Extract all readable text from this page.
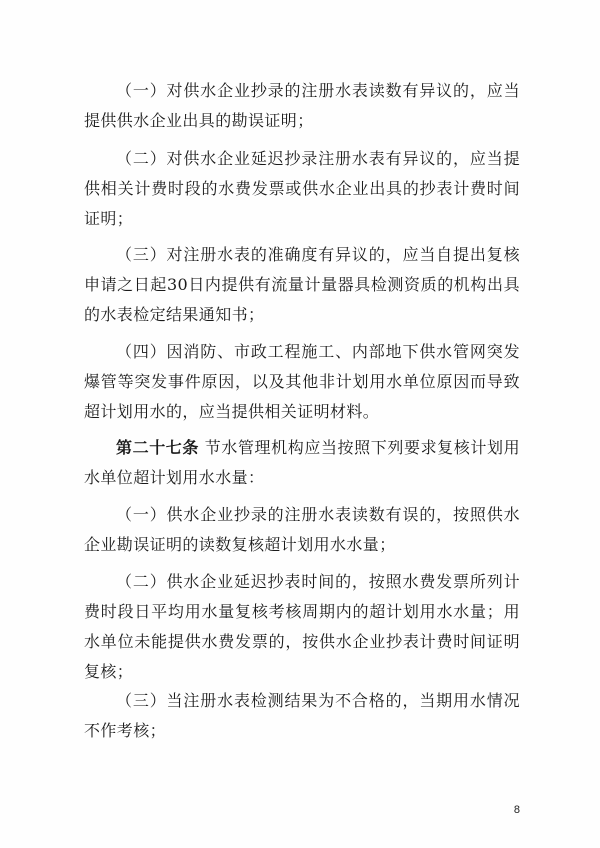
（一）对供水企业抄录的注册水表读数有异议的，应当提供供水企业出具的勘误证明；

（二）对供水企业延迟抄录注册水表有异议的，应当提供相关计费时段的水费发票或供水企业出具的抄表计费时间证明；

（三）对注册水表的准确度有异议的，应当自提出复核申请之日起30日内提供有流量计量器具检测资质的机构出具的水表检定结果通知书；

（四）因消防、市政工程施工、内部地下供水管网突发爆管等突发事件原因，以及其他非计划用水单位原因而导致超计划用水的，应当提供相关证明材料。

第二十七条 节水管理机构应当按照下列要求复核计划用水单位超计划用水水量：

（一）供水企业抄录的注册水表读数有误的，按照供水企业勘误证明的读数复核超计划用水水量；

（二）供水企业延迟抄表时间的，按照水费发票所列计费时段日平均用水量复核考核周期内的超计划用水水量；用水单位未能提供水费发票的，按供水企业抄表计费时间证明复核；

（三）当注册水表检测结果为不合格的，当期用水情况不作考核；

8
